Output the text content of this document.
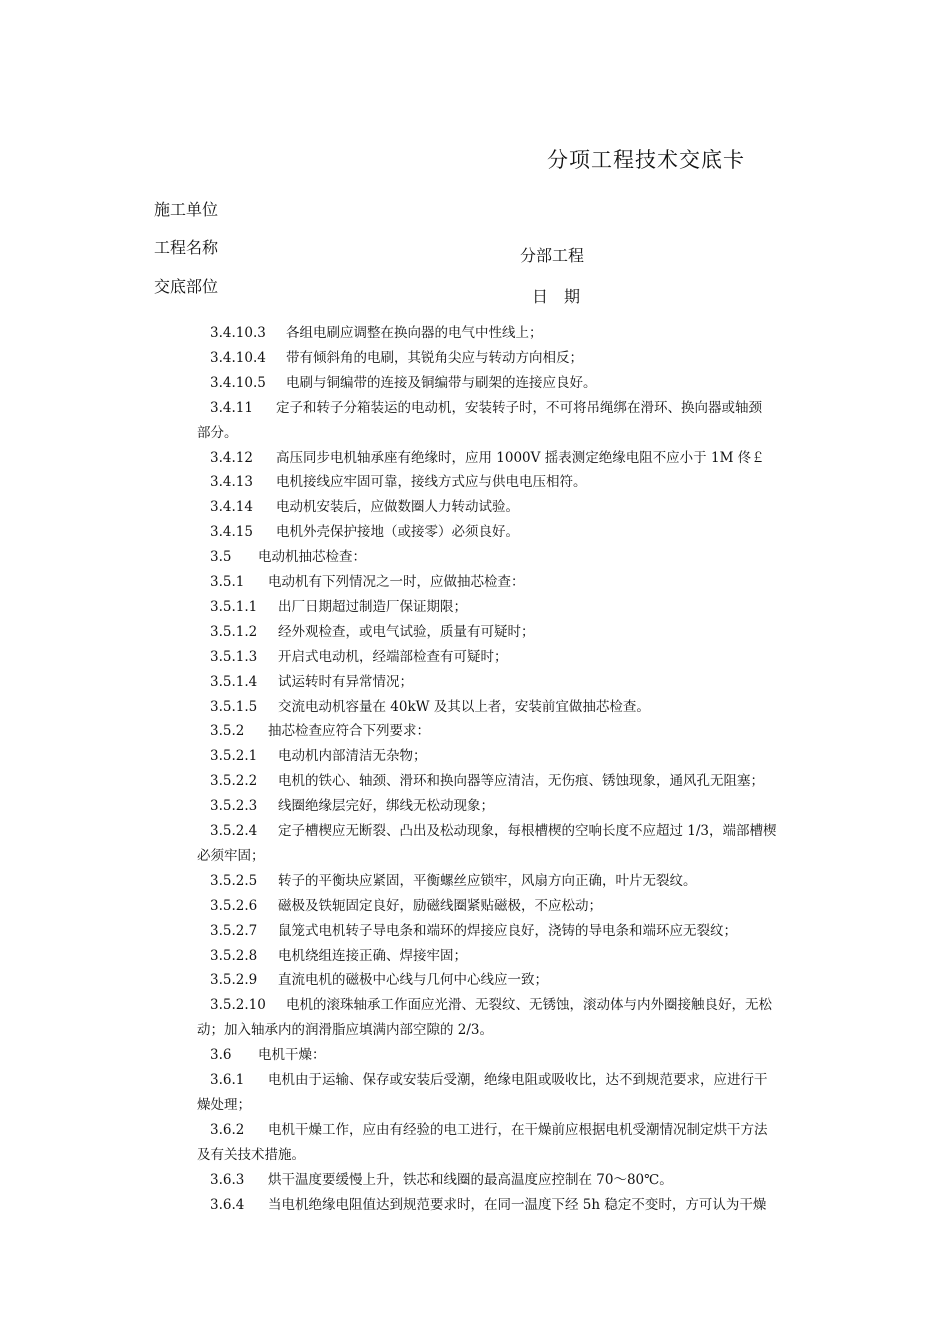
分项工程技术交底卡
施工单位
工程名称	分部工程
交底部位
日　期
3.4.10.3 各组电刷应调整在换向器的电气中性线上；
3.4.10.4 带有倾斜角的电刷，其锐角尖应与转动方向相反；
3.4.10.5 电刷与铜编带的连接及铜编带与刷架的连接应良好。
3.4.11 定子和转子分箱装运的电动机，安装转子时，不可将吊绳绑在滑环、换向器或轴颈
部分。
3.4.12 高压同步电机轴承座有绝缘时，应用 1000V 摇表测定绝缘电阻不应小于 1M 佟￡
3.4.13 电机接线应牢固可靠，接线方式应与供电电压相符。
3.4.14 电动机安装后，应做数圈人力转动试验。
3.4.15 电机外壳保护接地（或接零）必须良好。
3.5 电动机抽芯检查：
3.5.1 电动机有下列情况之一时，应做抽芯检查：
3.5.1.1 出厂日期超过制造厂保证期限；
3.5.1.2 经外观检查，或电气试验，质量有可疑时；
3.5.1.3 开启式电动机，经端部检查有可疑时；
3.5.1.4 试运转时有异常情况；
3.5.1.5 交流电动机容量在 40kW 及其以上者，安装前宜做抽芯检查。
3.5.2 抽芯检查应符合下列要求：
3.5.2.1 电动机内部清洁无杂物；
3.5.2.2 电机的铁心、轴颈、滑环和换向器等应清洁，无伤痕、锈蚀现象，通风孔无阻塞；
3.5.2.3 线圈绝缘层完好，绑线无松动现象；
3.5.2.4 定子槽楔应无断裂、凸出及松动现象，每根槽楔的空响长度不应超过 1/3，端部槽楔
必须牢固；
3.5.2.5 转子的平衡块应紧固，平衡螺丝应锁牢，风扇方向正确，叶片无裂纹。
3.5.2.6 磁极及铁轭固定良好，励磁线圈紧贴磁极，不应松动；
3.5.2.7 鼠笼式电机转子导电条和端环的焊接应良好，浇铸的导电条和端环应无裂纹；
3.5.2.8 电机绕组连接正确、焊接牢固；
3.5.2.9 直流电机的磁极中心线与几何中心线应一致；
3.5.2.10 电机的滚珠轴承工作面应光滑、无裂纹、无锈蚀，滚动体与内外圈接触良好，无松
动；加入轴承内的润滑脂应填满内部空隙的 2/3。
3.6 电机干燥：
3.6.1 电机由于运输、保存或安装后受潮，绝缘电阻或吸收比，达不到规范要求，应进行干
燥处理；
3.6.2 电机干燥工作，应由有经验的电工进行，在干燥前应根据电机受潮情况制定烘干方法
及有关技术措施。
3.6.3 烘干温度要缓慢上升，铁芯和线圈的最高温度应控制在 70～80℃。
3.6.4 当电机绝缘电阻值达到规范要求时，在同一温度下经 5h 稳定不变时，方可认为干燥
